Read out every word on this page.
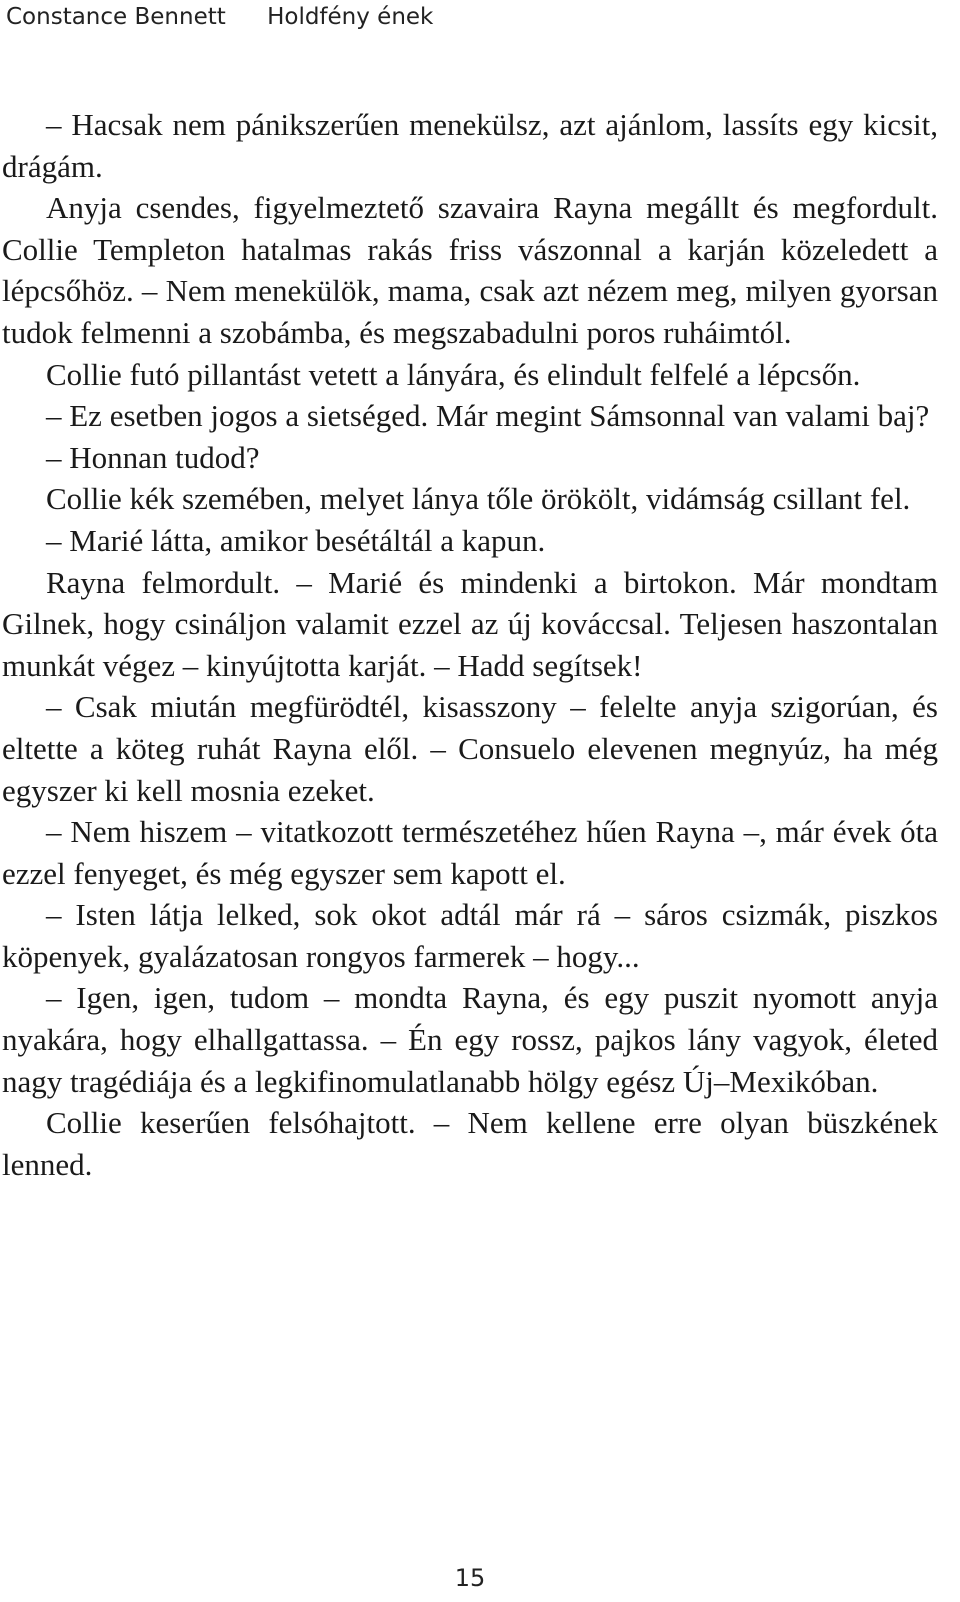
Constance Bennett Holdfény ének

– Hacsak nem pánikszerűen menekülsz, azt ajánlom, lassíts egy kicsit, drágám.

Anyja csendes, figyelmeztető szavaira Rayna megállt és megfordult. Collie Templeton hatalmas rakás friss vászonnal a karján közeledett a lépcsőhöz. – Nem menekülök, mama, csak azt nézem meg, milyen gyorsan tudok felmenni a szobámba, és megszabadulni poros ruháimtól.

Collie futó pillantást vetett a lányára, és elindult felfelé a lépcsőn.

– Ez esetben jogos a sietséged. Már megint Sámsonnal van valami baj?

– Honnan tudod?

Collie kék szemében, melyet lánya tőle örökölt, vidámság csillant fel.

– Marié látta, amikor besétáltál a kapun.

Rayna felmordult. – Marié és mindenki a birtokon. Már mondtam Gilnek, hogy csináljon valamit ezzel az új kováccsal. Teljesen haszontalan munkát végez – kinyújtotta karját. – Hadd segítsek!

– Csak miután megfürödtél, kisasszony – felelte anyja szigorúan, és eltette a köteg ruhát Rayna elől. – Consuelo elevenen megnyúz, ha még egyszer ki kell mosnia ezeket.

– Nem hiszem – vitatkozott természetéhez hűen Rayna –, már évek óta ezzel fenyeget, és még egyszer sem kapott el.

– Isten látja lelked, sok okot adtál már rá – sáros csizmák, piszkos köpenyek, gyalázatosan rongyos farmerek – hogy...

– Igen, igen, tudom – mondta Rayna, és egy puszit nyomott anyja nyakára, hogy elhallgattassa. – Én egy rossz, pajkos lány vagyok, életed nagy tragédiája és a legkifinomulatlanabb hölgy egész Új–Mexikóban.

Collie keserűen felsóhajtott. – Nem kellene erre olyan büszkének lenned.

15
